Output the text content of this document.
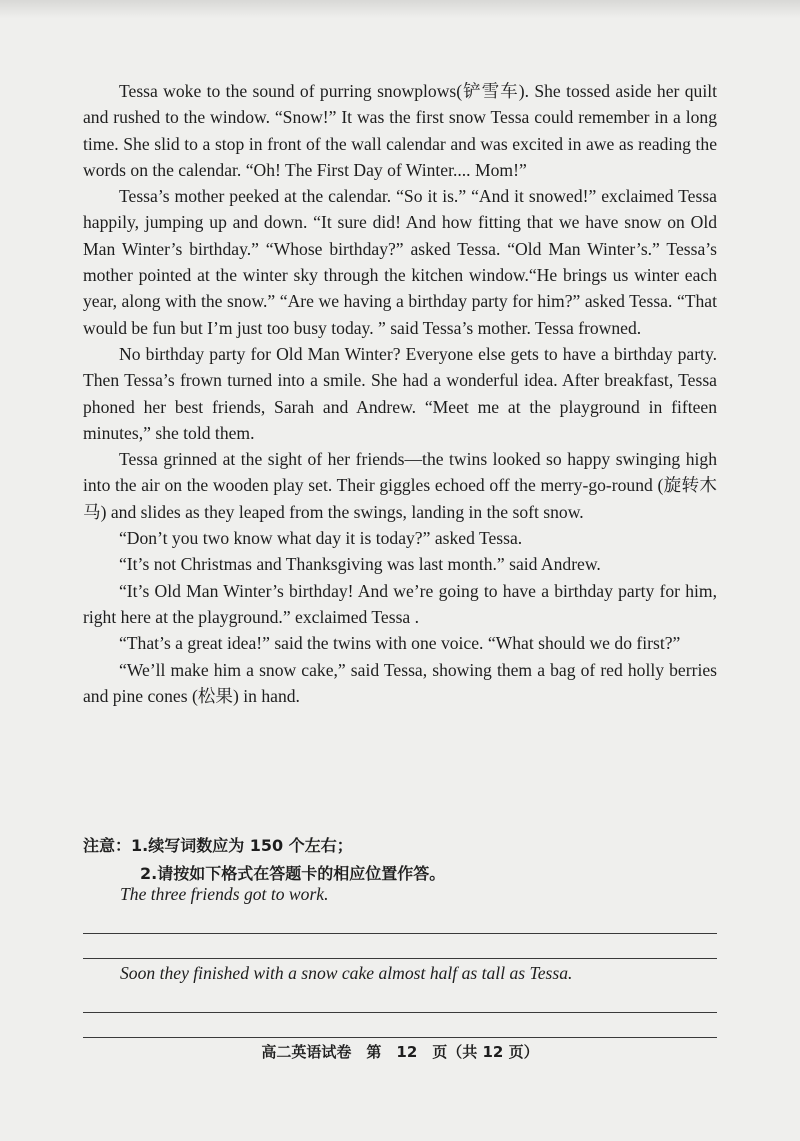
Tessa woke to the sound of purring snowplows(铲雪车). She tossed aside her quilt and rushed to the window. “Snow!” It was the first snow Tessa could remember in a long time. She slid to a stop in front of the wall calendar and was excited in awe as reading the words on the calendar. “Oh! The First Day of Winter.... Mom!”

Tessa’s mother peeked at the calendar. “So it is.” “And it snowed!” exclaimed Tessa happily, jumping up and down. “It sure did! And how fitting that we have snow on Old Man Winter’s birthday.” “Whose birthday?” asked Tessa. “Old Man Winter’s.” Tessa’s mother pointed at the winter sky through the kitchen window.“He brings us winter each year, along with the snow.” “Are we having a birthday party for him?” asked Tessa. “That would be fun but I’m just too busy today. ” said Tessa’s mother. Tessa frowned.

No birthday party for Old Man Winter? Everyone else gets to have a birthday party. Then Tessa’s frown turned into a smile. She had a wonderful idea. After breakfast, Tessa phoned her best friends, Sarah and Andrew. “Meet me at the playground in fifteen minutes,” she told them.

Tessa grinned at the sight of her friends—the twins looked so happy swinging high into the air on the wooden play set. Their giggles echoed off the merry-go-round (旋转木马) and slides as they leaped from the swings, landing in the soft snow.

“Don’t you two know what day it is today?” asked Tessa.

“It’s not Christmas and Thanksgiving was last month.” said Andrew.

“It’s Old Man Winter’s birthday! And we’re going to have a birthday party for him, right here at the playground.” exclaimed Tessa .

“That’s a great idea!” said the twins with one voice. “What should we do first?”

“We’ll make him a snow cake,” said Tessa, showing them a bag of red holly berries and pine cones (松果) in hand.

注意：1.续写词数应为 150 个左右；
2.请按如下格式在答题卡的相应位置作答。
The three friends got to work.
Soon they finished with a snow cake almost half as tall as Tessa.
高二英语试卷　第　12　页（共 12 页）
